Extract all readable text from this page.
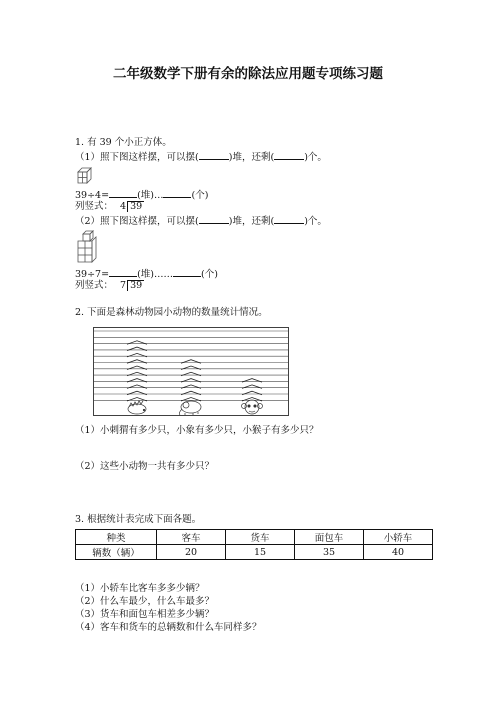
二年级数学下册有余的除法应用题专项练习题
1. 有 39 个小正方体。
（1）照下图这样摆，可以摆(	)堆，还剩(	)个。
39÷4=	(堆)…	(个)
列竖式： 4 39
（2）照下图这样摆，可以摆(	)堆，还剩(	)个。
39÷7=	(堆)……	(个)
列竖式： 7 39
2. 下面是森林动物园小动物的数量统计情况。
（1）小刺猬有多少只，小象有多少只，小猴子有多少只？
（2）这些小动物一共有多少只？
3. 根据统计表完成下面各题。
种类	客车	货车	面包车	小轿车
辆数（辆）	20	15	35	40
（1）小轿车比客车多多少辆？
（2）什么车最少，什么车最多？
（3）货车和面包车相差多少辆？
（4）客车和货车的总辆数和什么车同样多？
